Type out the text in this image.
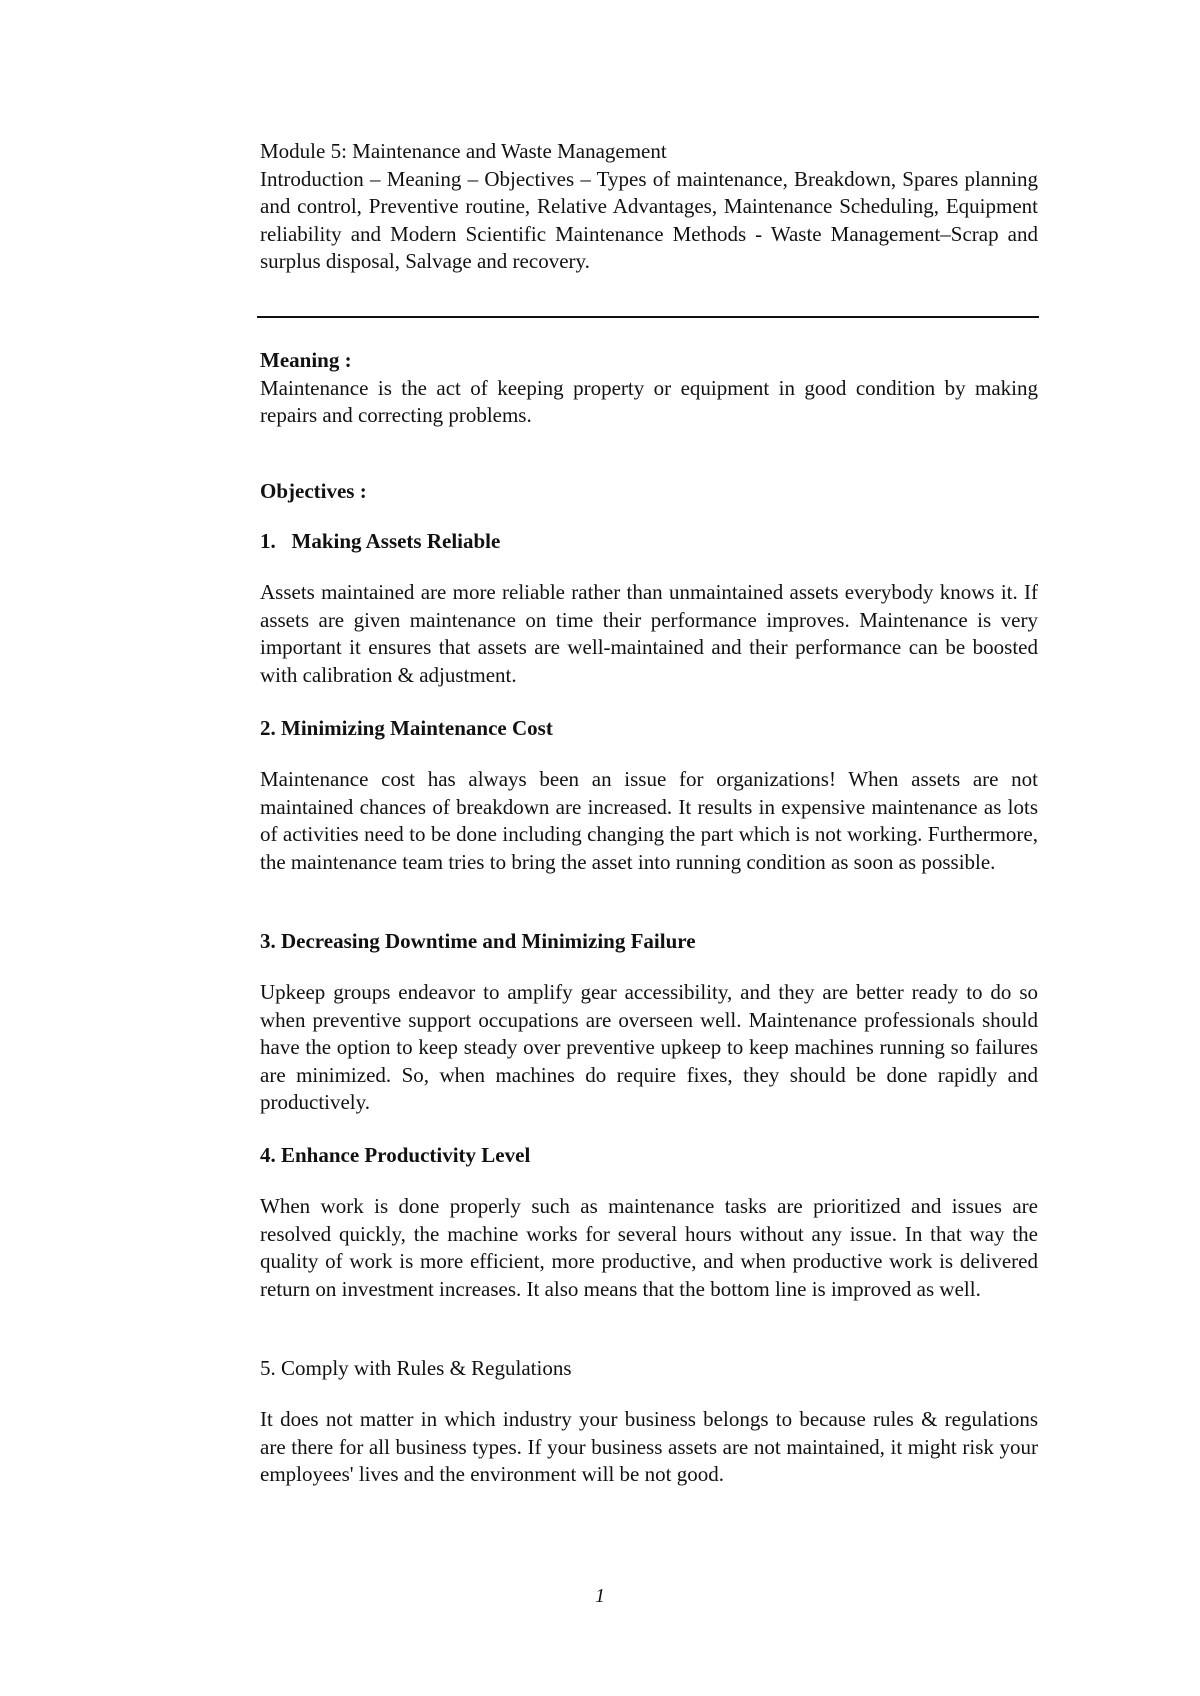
Module 5: Maintenance and Waste Management

Introduction – Meaning – Objectives – Types of maintenance, Breakdown, Spares planning and control, Preventive routine, Relative Advantages, Maintenance Scheduling, Equipment reliability and Modern Scientific Maintenance Methods - Waste Management–Scrap and surplus disposal, Salvage and recovery.

Meaning :

Maintenance is the act of keeping property or equipment in good condition by making repairs and correcting problems.

Objectives :

1.   Making Assets Reliable

Assets maintained are more reliable rather than unmaintained assets everybody knows it. If assets are given maintenance on time their performance improves. Maintenance is very important it ensures that assets are well-maintained and their performance can be boosted with calibration & adjustment.

2. Minimizing Maintenance Cost

Maintenance cost has always been an issue for organizations! When assets are not maintained chances of breakdown are increased. It results in expensive maintenance as lots of activities need to be done including changing the part which is not working. Furthermore, the maintenance team tries to bring the asset into running condition as soon as possible.

3. Decreasing Downtime and Minimizing Failure

Upkeep groups endeavor to amplify gear accessibility, and they are better ready to do so when preventive support occupations are overseen well. Maintenance professionals should have the option to keep steady over preventive upkeep to keep machines running so failures are minimized. So, when machines do require fixes, they should be done rapidly and productively.

4. Enhance Productivity Level

When work is done properly such as maintenance tasks are prioritized and issues are resolved quickly, the machine works for several hours without any issue. In that way the quality of work is more efficient, more productive, and when productive work is delivered return on investment increases. It also means that the bottom line is improved as well.

5. Comply with Rules & Regulations

It does not matter in which industry your business belongs to because rules & regulations are there for all business types. If your business assets are not maintained, it might risk your employees' lives and the environment will be not good.

1
